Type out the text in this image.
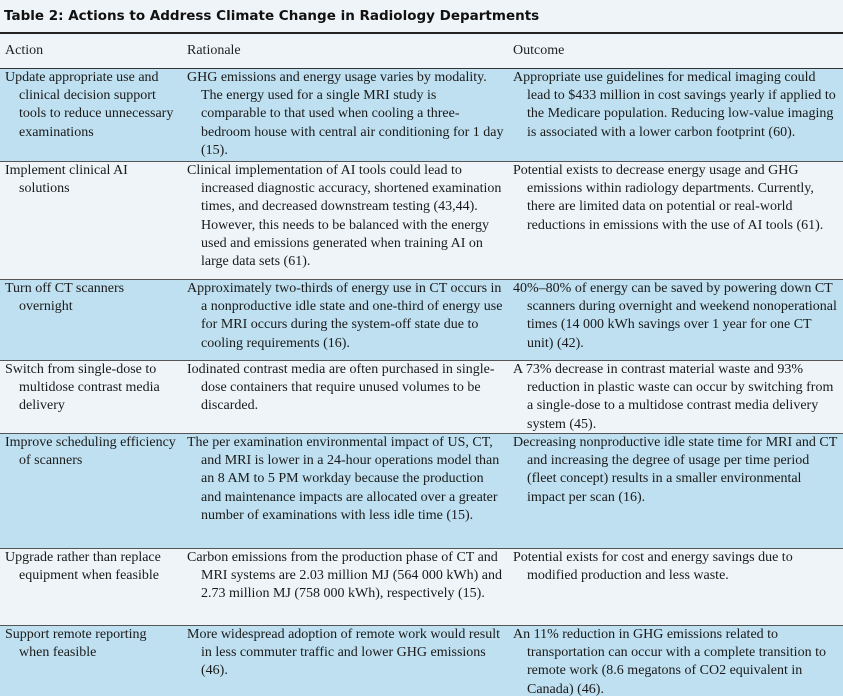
Table 2: Actions to Address Climate Change in Radiology Departments
Action	Rationale	Outcome
Update appropriate use and clinical decision support tools to reduce unnecessary examinations
GHG emissions and energy usage varies by modality. The energy used for a single MRI study is comparable to that used when cooling a three-bedroom house with central air conditioning for 1 day (15).
Appropriate use guidelines for medical imaging could lead to $433 million in cost savings yearly if applied to the Medicare population. Reducing low-value imaging is associated with a lower carbon footprint (60).
Implement clinical AI solutions
Clinical implementation of AI tools could lead to increased diagnostic accuracy, shortened examination times, and decreased downstream testing (43,44). However, this needs to be balanced with the energy used and emissions generated when training AI on large data sets (61).
Potential exists to decrease energy usage and GHG emissions within radiology departments. Currently, there are limited data on potential or real-world reductions in emissions with the use of AI tools (61).
Turn off CT scanners overnight
Approximately two-thirds of energy use in CT occurs in a nonproductive idle state and one-third of energy use for MRI occurs during the system-off state due to cooling requirements (16).
40%–80% of energy can be saved by powering down CT scanners during overnight and weekend nonoperational times (14 000 kWh savings over 1 year for one CT unit) (42).
Switch from single-dose to multidose contrast media delivery
Iodinated contrast media are often purchased in single-dose containers that require unused volumes to be discarded.
A 73% decrease in contrast material waste and 93% reduction in plastic waste can occur by switching from a single-dose to a multidose contrast media delivery system (45).
Improve scheduling efficiency of scanners
The per examination environmental impact of US, CT, and MRI is lower in a 24-hour operations model than an 8 AM to 5 PM workday because the production and maintenance impacts are allocated over a greater number of examinations with less idle time (15).
Decreasing nonproductive idle state time for MRI and CT and increasing the degree of usage per time period (fleet concept) results in a smaller environmental impact per scan (16).
Upgrade rather than replace equipment when feasible
Carbon emissions from the production phase of CT and MRI systems are 2.03 million MJ (564 000 kWh) and 2.73 million MJ (758 000 kWh), respectively (15).
Potential exists for cost and energy savings due to modified production and less waste.
Support remote reporting when feasible
More widespread adoption of remote work would result in less commuter traffic and lower GHG emissions (46).
An 11% reduction in GHG emissions related to transportation can occur with a complete transition to remote work (8.6 megatons of CO2 equivalent in Canada) (46).
